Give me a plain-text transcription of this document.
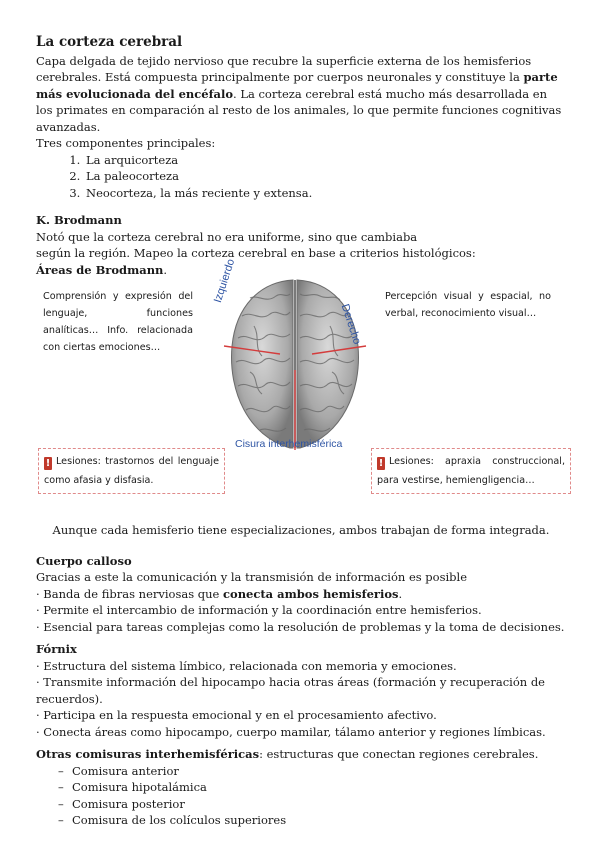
La corteza cerebral

Capa delgada de tejido nervioso que recubre la superficie externa de los hemisferios cerebrales. Está compuesta principalmente por cuerpos neuronales y constituye la parte más evolucionada del encéfalo. La corteza cerebral está mucho más desarrollada en los primates en comparación al resto de los animales, lo que permite funciones cognitivas avanzadas.

Tres componentes principales:

1. La arquicorteza
2. La paleocorteza
3. Neocorteza, la más reciente y extensa.

K. Brodmann

Notó que la corteza cerebral no era uniforme, sino que cambiaba

según la región. Mapeo la corteza cerebral en base a criterios histológicos:

Áreas de Brodmann.

Comprensión y expresión del lenguaje, funciones analíticas… Info. relacionada con ciertas emociones…
Percepción visual y espacial, no verbal, reconocimiento visual…
Izquierdo
Derecho
Cisura interhemisférica
! Lesiones: trastornos del lenguaje como afasia y disfasia.
! Lesiones: apraxia construccional, para vestirse, hemiengligencia…

Aunque cada hemisferio tiene especializaciones, ambos trabajan de forma integrada.

Cuerpo calloso

Gracias a este la comunicación y la transmisión de información es posible

· Banda de fibras nerviosas que conecta ambos hemisferios.
· Permite el intercambio de información y la coordinación entre hemisferios.
· Esencial para tareas complejas como la resolución de problemas y la toma de decisiones.

Fórnix

· Estructura del sistema límbico, relacionada con memoria y emociones.
· Transmite información del hipocampo hacia otras áreas (formación y recuperación de recuerdos).
· Participa en la respuesta emocional y en el procesamiento afectivo.
· Conecta áreas como hipocampo, cuerpo mamilar, tálamo anterior y regiones límbicas.

Otras comisuras interhemisféricas: estructuras que conectan regiones cerebrales.

– Comisura anterior
– Comisura hipotalámica
– Comisura posterior
– Comisura de los colículos superiores
